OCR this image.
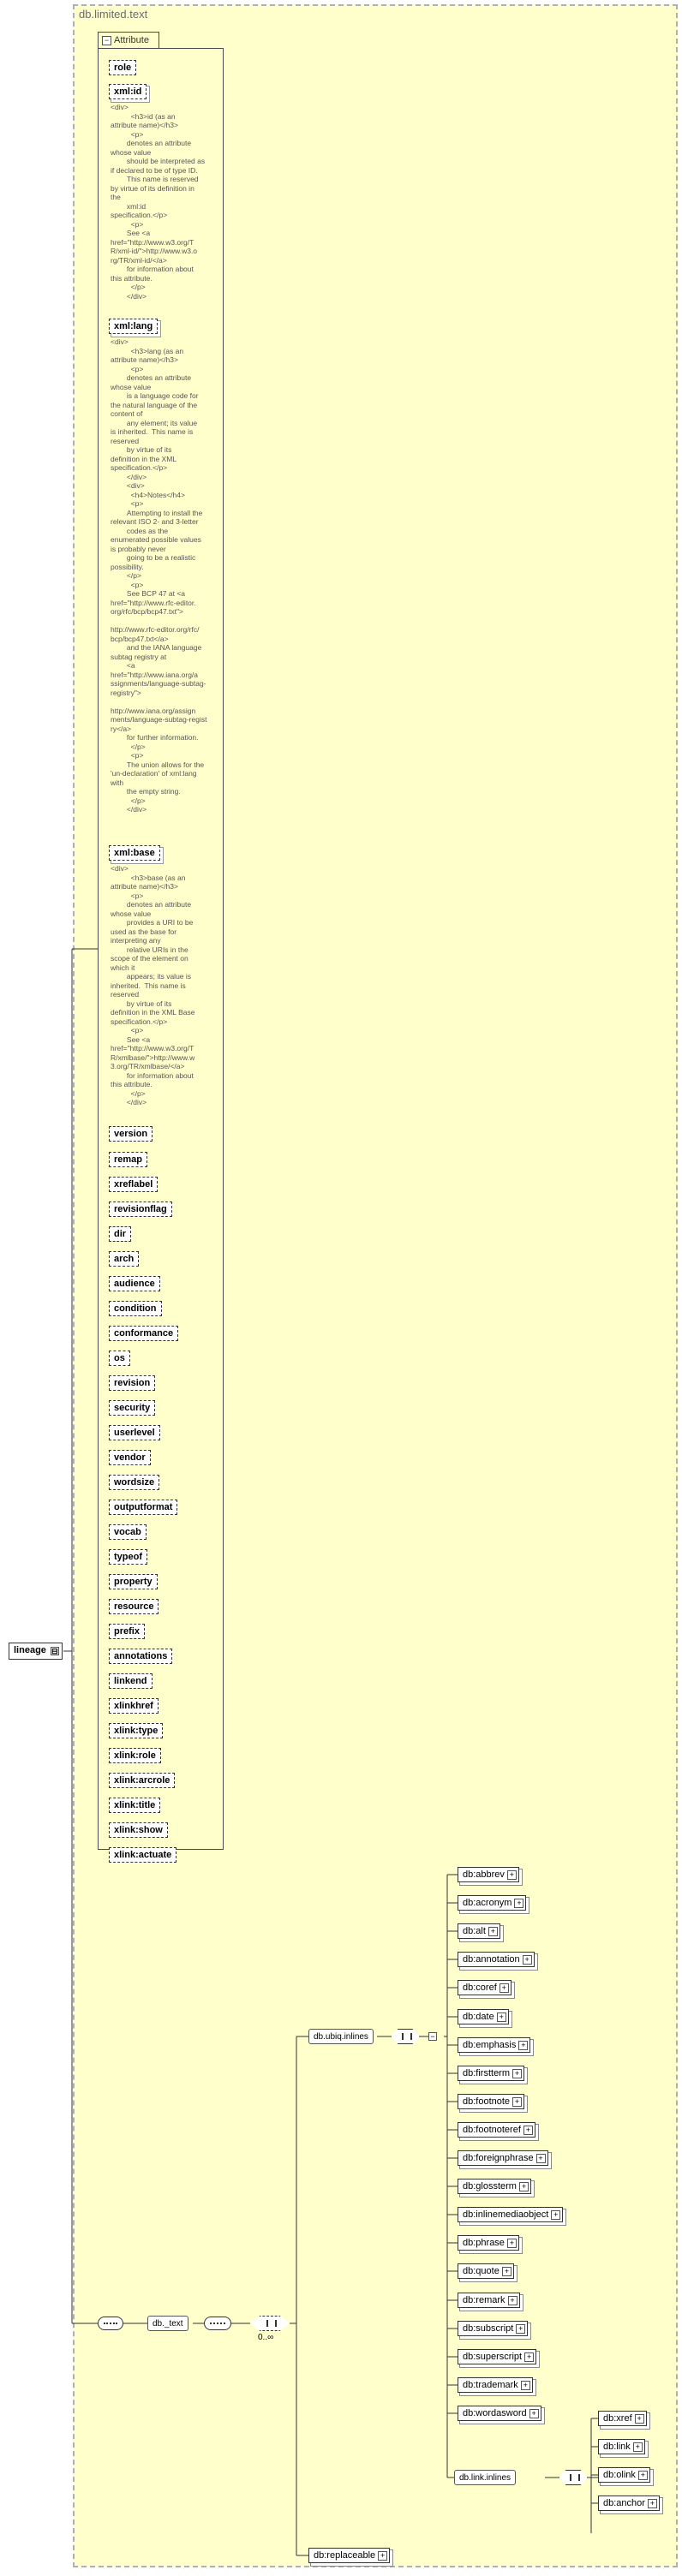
db.limited.text
− Attribute
role
xml:id
<div>
<h3>id (as an
attribute name)</h3>
<p>
denotes an attribute
whose value
should be interpreted as
if declared to be of type ID.
This name is reserved
by virtue of its definition in
the
xml:id
specification.</p>
<p>
See <a
href="http://www.w3.org/T
R/xml-id/">http://www.w3.o
rg/TR/xml-id/</a>
for information about
this attribute.
</p>
</div>
xml:lang
<div>
<h3>lang (as an
attribute name)</h3>
<p>
denotes an attribute
whose value
is a language code for
the natural language of the
content of
any element; its value
is inherited.  This name is
reserved
by virtue of its
definition in the XML
specification.</p>
</div>
<div>
<h4>Notes</h4>
<p>
Attempting to install the
relevant ISO 2- and 3-letter
codes as the
enumerated possible values
is probably never
going to be a realistic
possibility.
</p>
<p>
See BCP 47 at <a
href="http://www.rfc-editor.
org/rfc/bcp/bcp47.txt">

http://www.rfc-editor.org/rfc/
bcp/bcp47.txt</a>
and the IANA language
subtag registry at
<a
href="http://www.iana.org/a
ssignments/language-subtag-
registry">

http://www.iana.org/assign
ments/language-subtag-regist
ry</a>
for further information.
</p>
<p>
The union allows for the
'un-declaration' of xml:lang
with
the empty string.
</p>
</div>
xml:base
<div>
<h3>base (as an
attribute name)</h3>
<p>
denotes an attribute
whose value
provides a URI to be
used as the base for
interpreting any
relative URIs in the
scope of the element on
which it
appears; its value is
inherited.  This name is
reserved
by virtue of its
definition in the XML Base
specification.</p>
<p>
See <a
href="http://www.w3.org/T
R/xmlbase/">http://www.w
3.org/TR/xmlbase/</a>
for information about
this attribute.
</p>
</div>
version
remap
xreflabel
revisionflag
dir
arch
audience
condition
conformance
os
revision
security
userlevel
vendor
wordsize
outputformat
vocab
typeof
property
resource
prefix
annotations
linkend
xlinkhref
xlink:type
xlink:role
xlink:arcrole
xlink:title
xlink:show
xlink:actuate
lineage ⊟
db._text
0..∞
db.ubiq.inlines	−
db.link.inlines
db:abbrev +
db:acronym +
db:alt +
db:annotation +
db:coref +
db:date +
db:emphasis +
db:firstterm +
db:footnote +
db:footnoteref +
db:foreignphrase +
db:glossterm +
db:inlinemediaobject +
db:phrase +
db:quote +
db:remark +
db:subscript +
db:superscript +
db:trademark +
db:wordasword +	db:xref +
db:link +
db:olink +
db:anchor +
db:replaceable +
